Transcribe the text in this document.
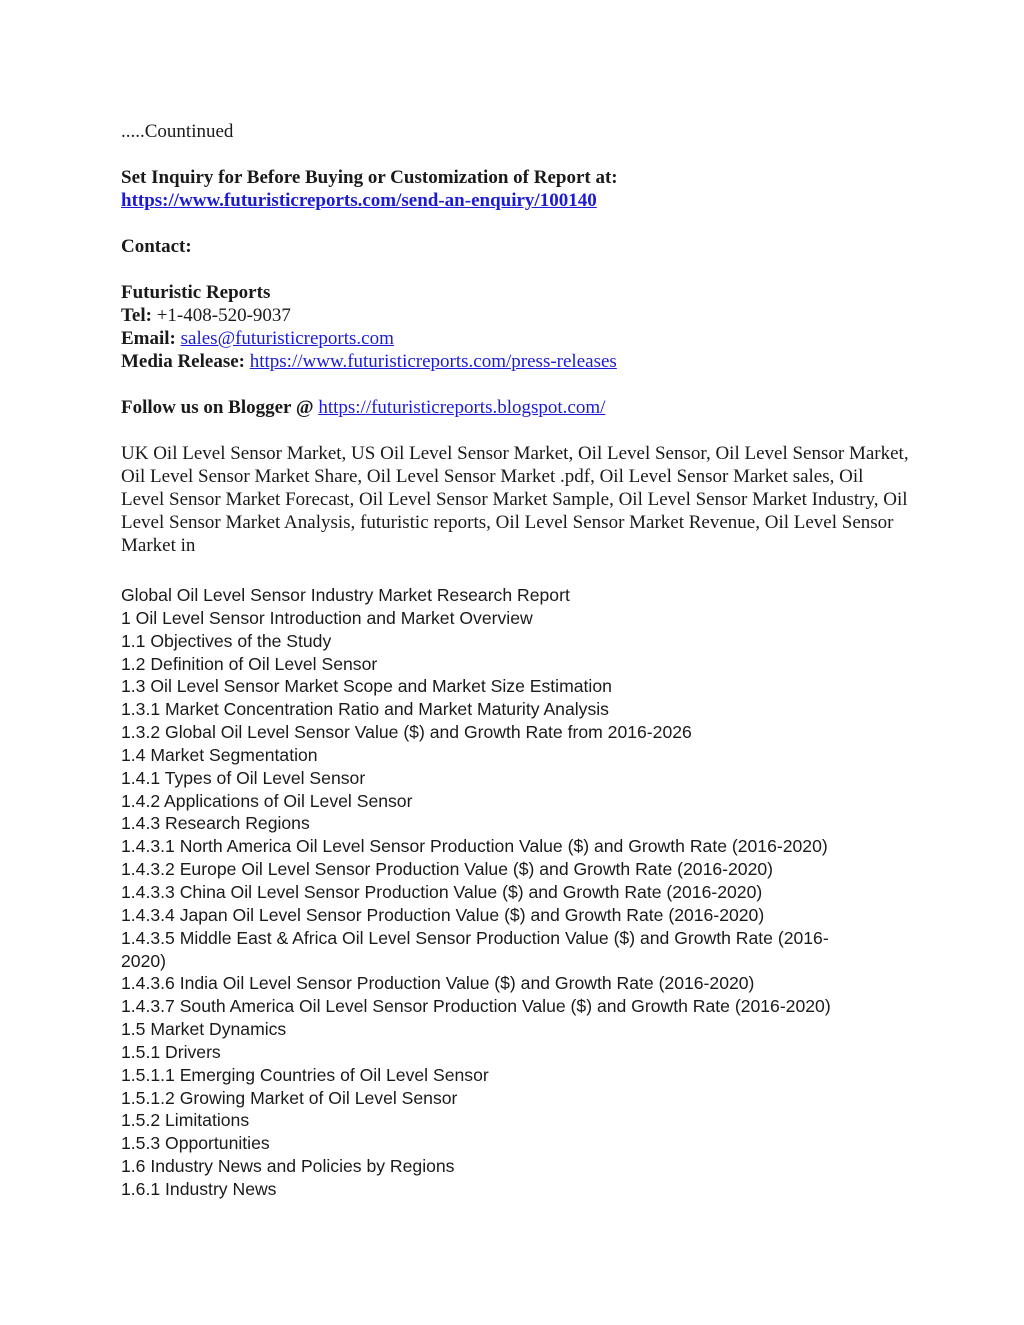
.....Countinued

Set Inquiry for Before Buying or Customization of Report at:

https://www.futuristicreports.com/send-an-enquiry/100140

Contact:

Futuristic Reports

Tel: +1-408-520-9037

Email: sales@futuristicreports.com

Media Release: https://www.futuristicreports.com/press-releases

Follow us on Blogger @ https://futuristicreports.blogspot.com/

UK Oil Level Sensor Market, US Oil Level Sensor Market, Oil Level Sensor, Oil Level Sensor Market, Oil Level Sensor Market Share, Oil Level Sensor Market .pdf, Oil Level Sensor Market sales, Oil Level Sensor Market Forecast, Oil Level Sensor Market Sample, Oil Level Sensor Market Industry, Oil Level Sensor Market Analysis, futuristic reports, Oil Level Sensor Market Revenue, Oil Level Sensor Market in

Global Oil Level Sensor Industry Market Research Report
1 Oil Level Sensor Introduction and Market Overview
1.1 Objectives of the Study
1.2 Definition of Oil Level Sensor
1.3 Oil Level Sensor Market Scope and Market Size Estimation
1.3.1 Market Concentration Ratio and Market Maturity Analysis
1.3.2 Global Oil Level Sensor Value ($) and Growth Rate from 2016-2026
1.4 Market Segmentation
1.4.1 Types of Oil Level Sensor
1.4.2 Applications of Oil Level Sensor
1.4.3 Research Regions
1.4.3.1 North America Oil Level Sensor Production Value ($) and Growth Rate (2016-2020)
1.4.3.2 Europe Oil Level Sensor Production Value ($) and Growth Rate (2016-2020)
1.4.3.3 China Oil Level Sensor Production Value ($) and Growth Rate (2016-2020)
1.4.3.4 Japan Oil Level Sensor Production Value ($) and Growth Rate (2016-2020)
1.4.3.5 Middle East & Africa Oil Level Sensor Production Value ($) and Growth Rate (2016-
2020)
1.4.3.6 India Oil Level Sensor Production Value ($) and Growth Rate (2016-2020)
1.4.3.7 South America Oil Level Sensor Production Value ($) and Growth Rate (2016-2020)
1.5 Market Dynamics
1.5.1 Drivers
1.5.1.1 Emerging Countries of Oil Level Sensor
1.5.1.2 Growing Market of Oil Level Sensor
1.5.2 Limitations
1.5.3 Opportunities
1.6 Industry News and Policies by Regions
1.6.1 Industry News
